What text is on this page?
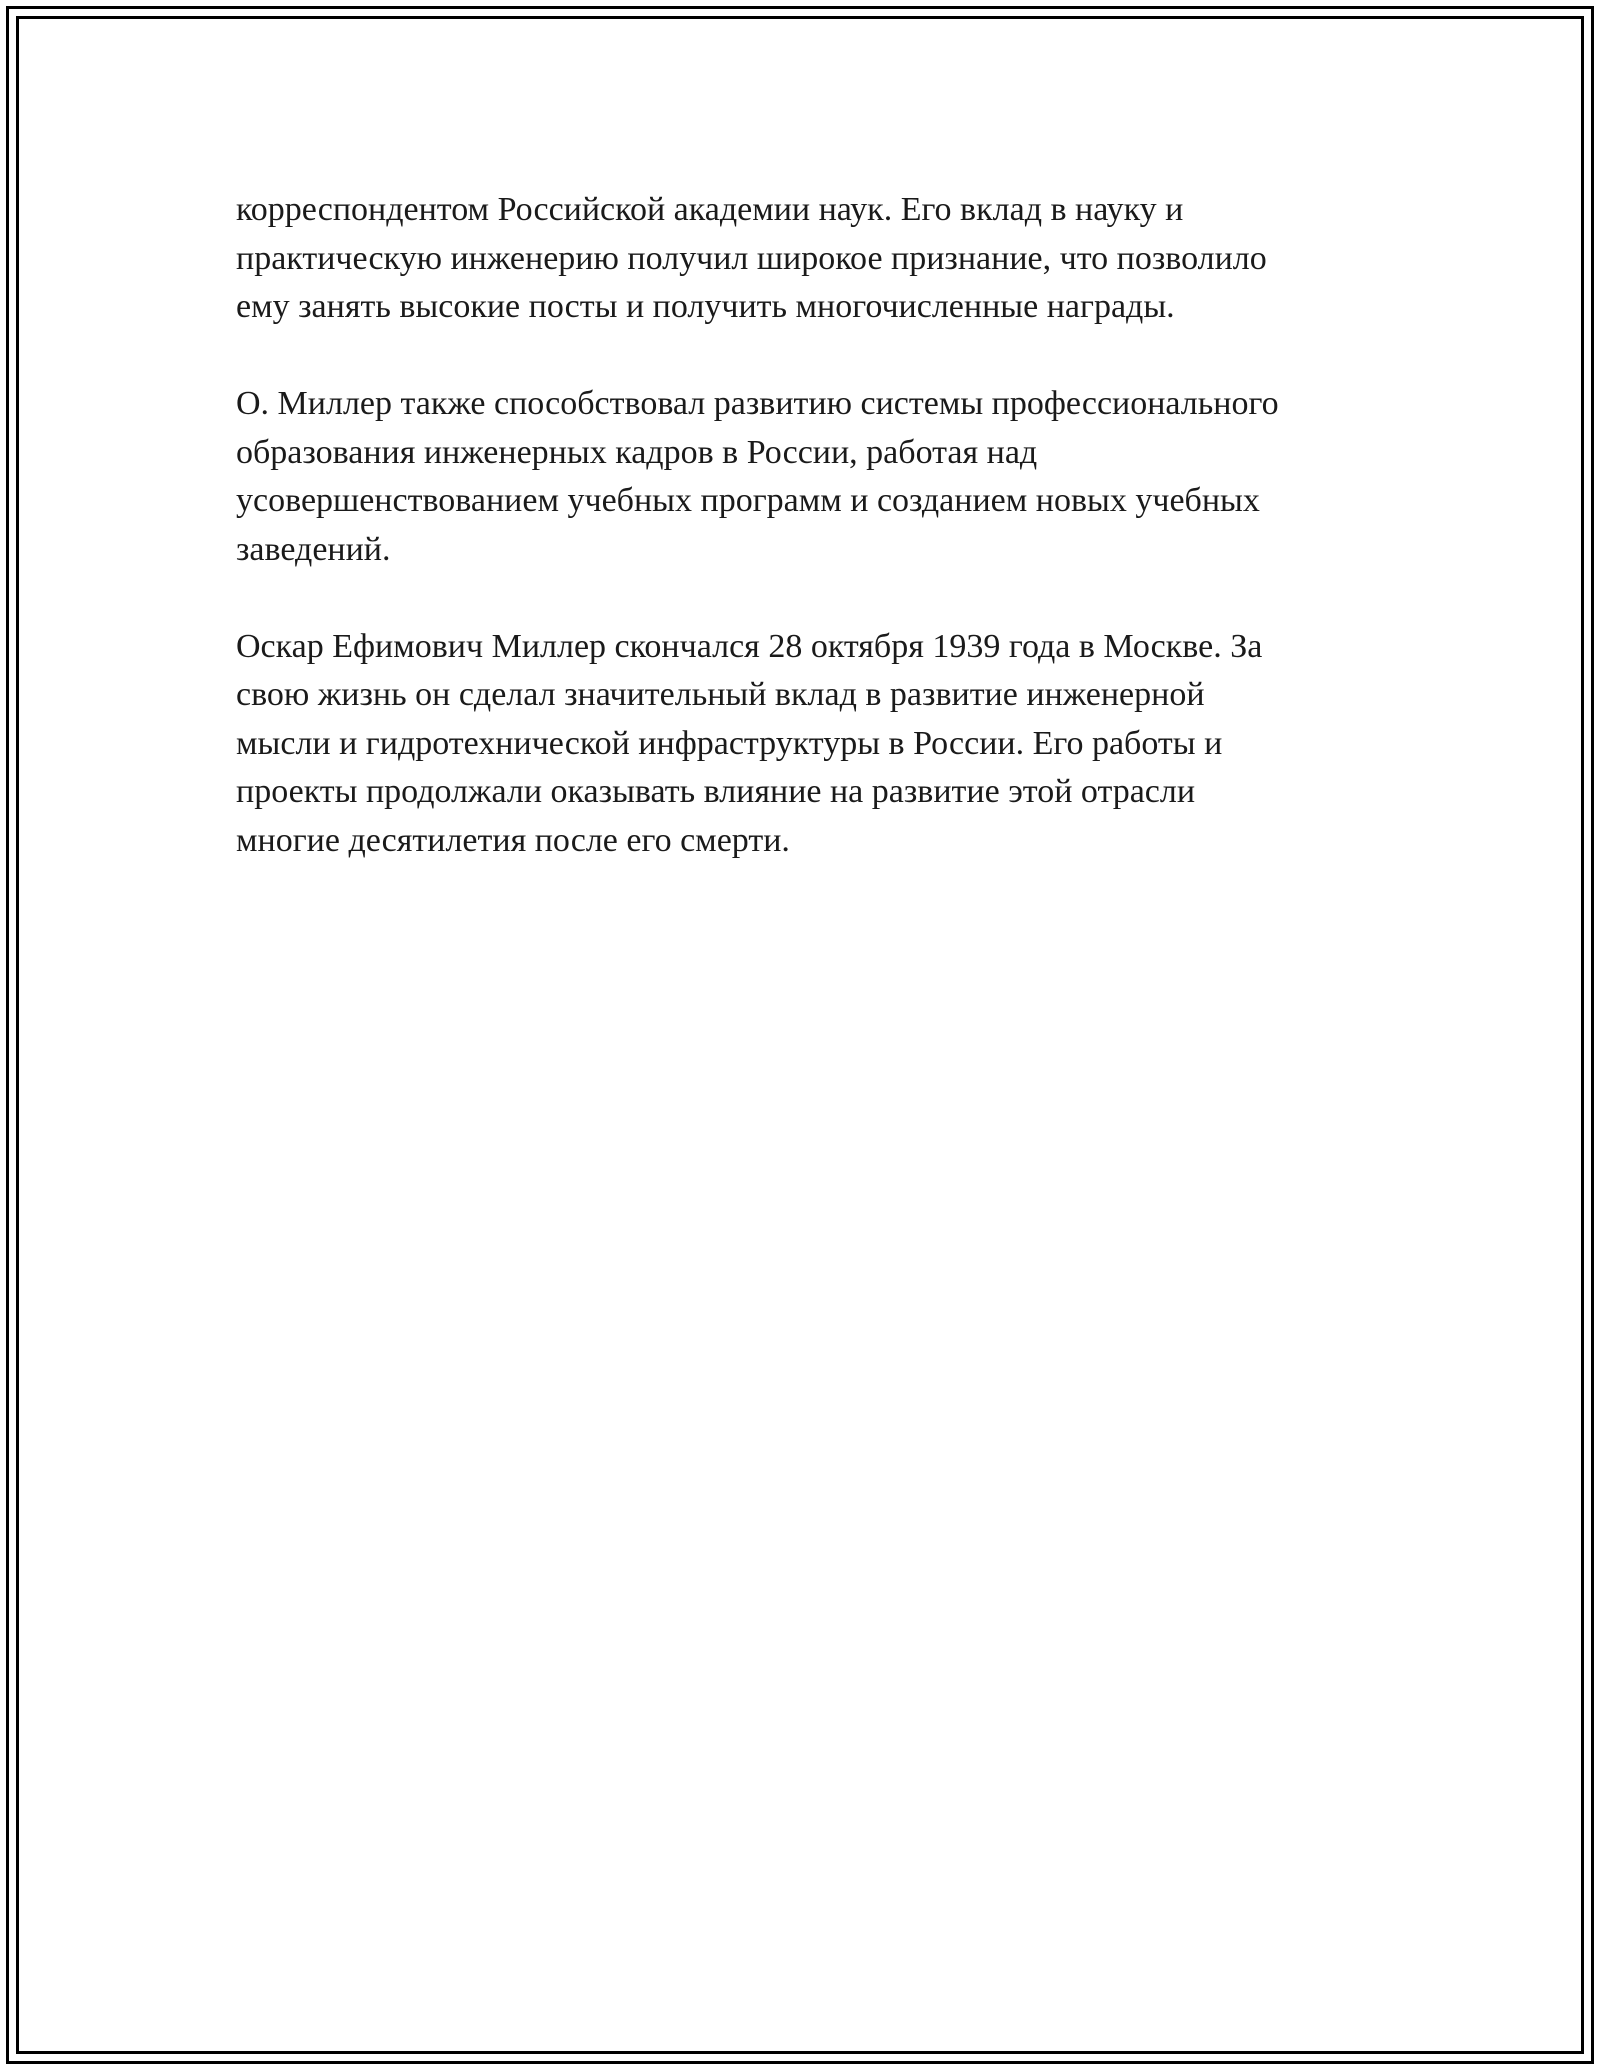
корреспондентом Российской академии наук. Его вклад в науку и
практическую инженерию получил широкое признание, что позволило
ему занять высокие посты и получить многочисленные награды.

О. Миллер также способствовал развитию системы профессионального
образования инженерных кадров в России, работая над
усовершенствованием учебных программ и созданием новых учебных
заведений.

Оскар Ефимович Миллер скончался 28 октября 1939 года в Москве. За
свою жизнь он сделал значительный вклад в развитие инженерной
мысли и гидротехнической инфраструктуры в России. Его работы и
проекты продолжали оказывать влияние на развитие этой отрасли
многие десятилетия после его смерти.
